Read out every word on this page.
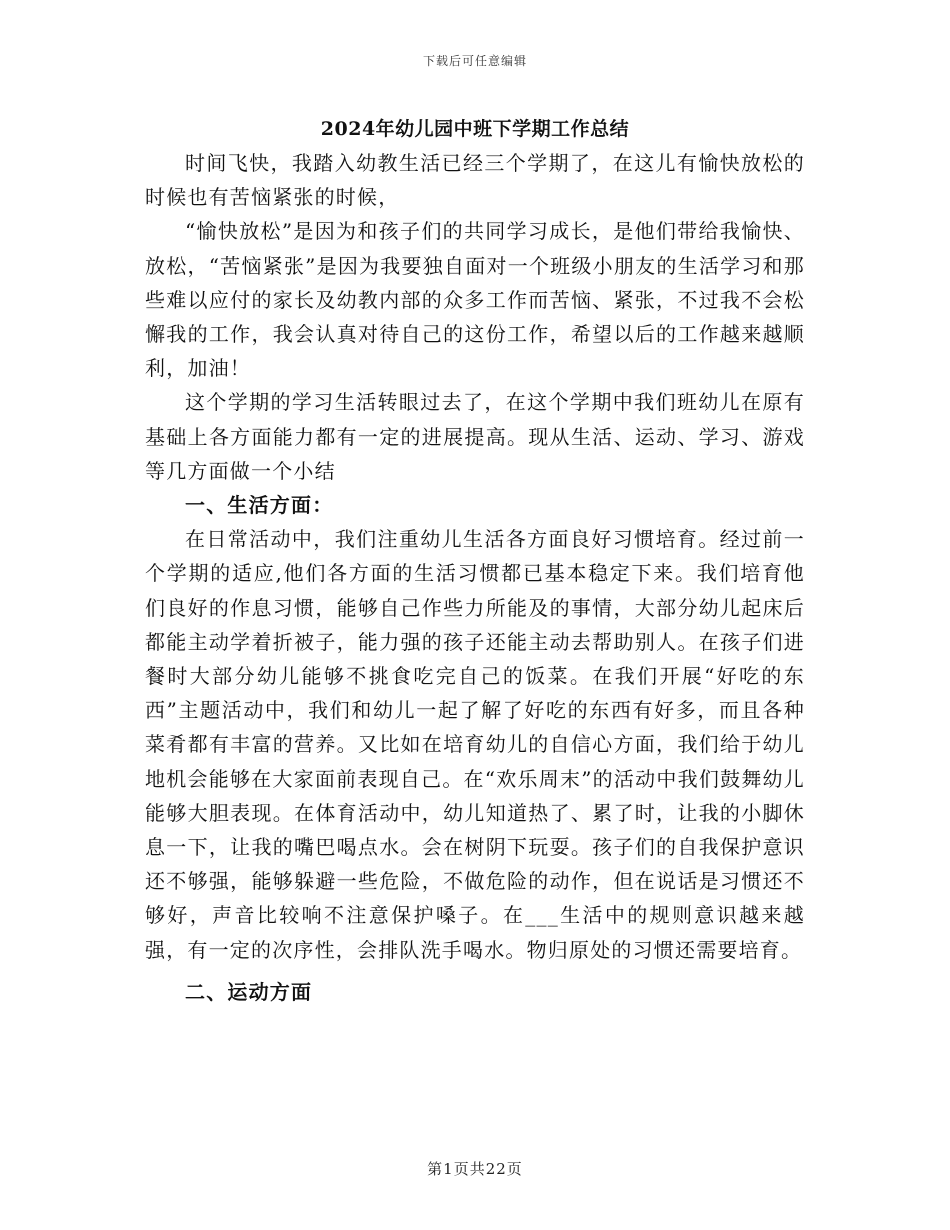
下载后可任意编辑
2024年幼儿园中班下学期工作总结

时间飞快，我踏入幼教生活已经三个学期了，在这儿有愉快放松的时候也有苦恼紧张的时候，

“愉快放松”是因为和孩子们的共同学习成长，是他们带给我愉快、放松，“苦恼紧张”是因为我要独自面对一个班级小朋友的生活学习和那些难以应付的家长及幼教内部的众多工作而苦恼、紧张，不过我不会松懈我的工作，我会认真对待自己的这份工作，希望以后的工作越来越顺利，加油！

这个学期的学习生活转眼过去了，在这个学期中我们班幼儿在原有基础上各方面能力都有一定的进展提高。现从生活、运动、学习、游戏等几方面做一个小结

一、生活方面：

在日常活动中，我们注重幼儿生活各方面良好习惯培育。经过前一个学期的适应,他们各方面的生活习惯都已基本稳定下来。我们培育他们良好的作息习惯，能够自己作些力所能及的事情，大部分幼儿起床后都能主动学着折被子，能力强的孩子还能主动去帮助别人。在孩子们进餐时大部分幼儿能够不挑食吃完自己的饭菜。在我们开展“好吃的东西”主题活动中，我们和幼儿一起了解了好吃的东西有好多，而且各种菜肴都有丰富的营养。又比如在培育幼儿的自信心方面，我们给于幼儿地机会能够在大家面前表现自己。在“欢乐周末”的活动中我们鼓舞幼儿能够大胆表现。在体育活动中，幼儿知道热了、累了时，让我的小脚休息一下，让我的嘴巴喝点水。会在树阴下玩耍。孩子们的自我保护意识还不够强，能够躲避一些危险，不做危险的动作，但在说话是习惯还不够好，声音比较响不注意保护嗓子。在___生活中的规则意识越来越强，有一定的次序性，会排队洗手喝水。物归原处的习惯还需要培育。

二、运动方面
第1页共22页
